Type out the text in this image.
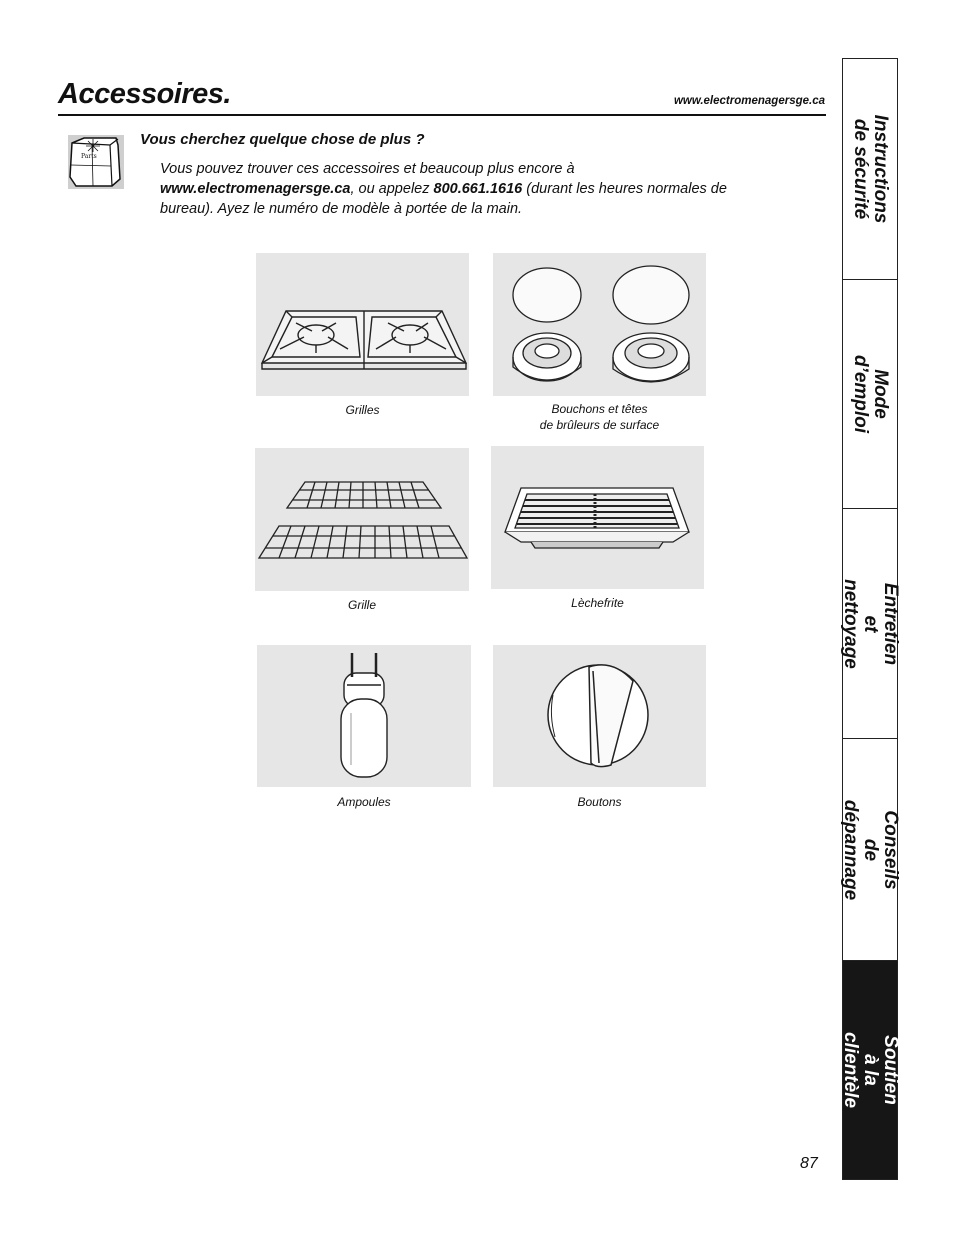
Accessoires.	www.electromenagersge.ca
Parts
Vous cherchez quelque chose de plus ?
Vous pouvez trouver ces accessoires et beaucoup plus encore à
www.electromenagersge.ca, ou appelez 800.661.1616 (durant les heures normales de bureau). Ayez le numéro de modèle à portée de la main.
Grilles	Bouchons et têtes
de brûleurs de surface
Grille	Lèchefrite
Ampoules	Boutons
Instructions
de sécurité
Mode d’emploi
Entretien et nettoyage
Conseils de dépannage
Soutien à la clientèle
87
